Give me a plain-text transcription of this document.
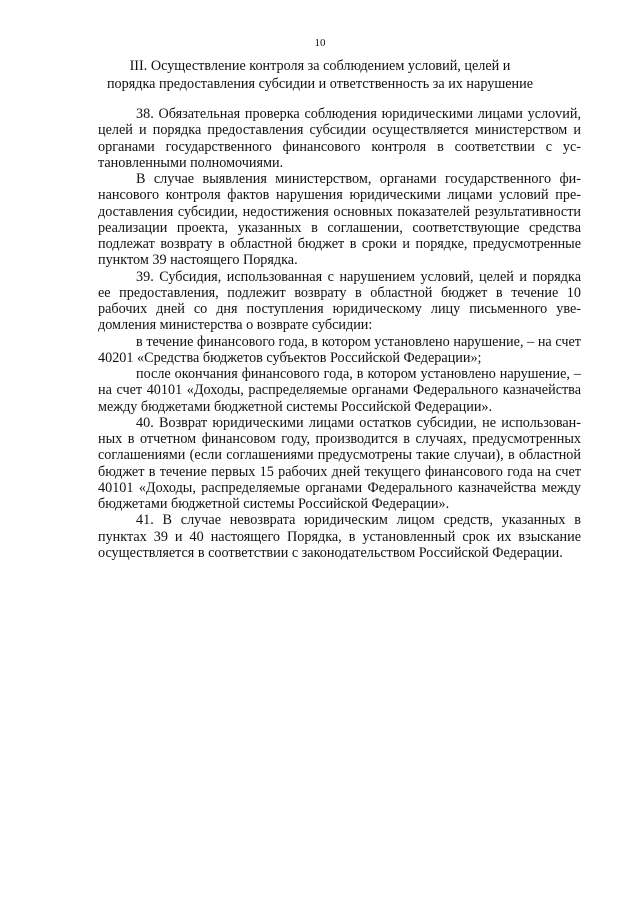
10
III. Осуществление контроля за соблюдением условий, целей и
порядка предоставления субсидии и ответственность за их нарушение

38. Обязательная проверка соблюдения юридическими лицами услоvий, целей и порядка предоставления субсидии осуществляется министерством и органами государственного финансового контроля в соответствии с установленными полномочиями.

В случае выявления министерством, органами государственного финансового контроля фактов нарушения юридическими лицами условий предоставления субсидии, недостижения основных показателей результативности реализации проекта, указанных в соглашении, соответствующие средства подлежат возврату в областной бюджет в сроки и порядке, предусмотренные пунктом 39 настоящего Порядка.

39. Субсидия, использованная с нарушением условий, целей и порядка ее предоставления, подлежит возврату в областной бюджет в течение 10 рабочих дней со дня поступления юридическому лицу письменного уведомления министерства о возврате субсидии:

в течение финансового года, в котором установлено нарушение, – на счет 40201 «Средства бюджетов субъектов Российской Федерации»;

после окончания финансового года, в котором установлено нарушение, – на счет 40101 «Доходы, распределяемые органами Федерального казначейства между бюджетами бюджетной системы Российской Федерации».

40. Возврат юридическими лицами остатков субсидии, не использованных в отчетном финансовом году, производится в случаях, предусмотренных соглашениями (если соглашениями предусмотрены такие случаи), в областной бюджет в течение первых 15 рабочих дней текущего финансового года на счет 40101 «Доходы, распределяемые органами Федерального казначейства между бюджетами бюджетной системы Российской Федерации».

41. В случае невозврата юридическим лицом средств, указанных в пунктах 39 и 40 настоящего Порядка, в установленный срок их взыскание осуществляется в соответствии с законодательством Российской Федерации.
